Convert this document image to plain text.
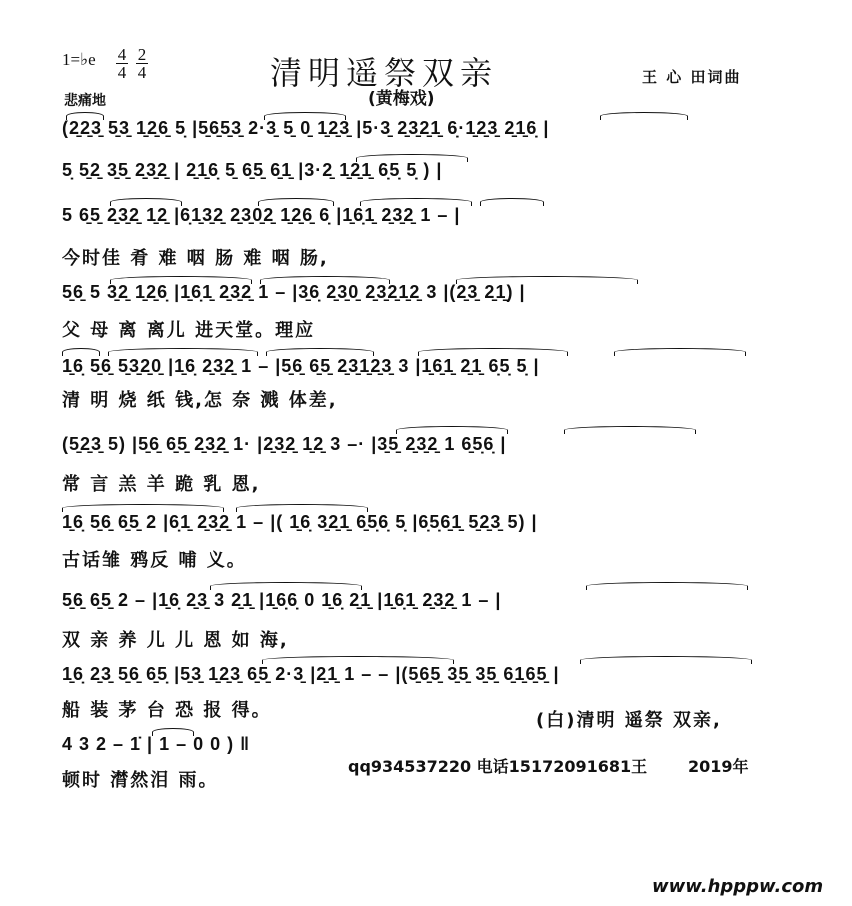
1=♭e $\frac{4}{4} \frac{2}{4}$
悲痛地
清明遥祭双亲
(黄梅戏)
王 心 田词曲
(2̱2̱3̱ 5̱3̱ 1̱2̱6̱ 5̣ |5̱6̱5̱3̱ 2·3̱ 5̱ 0̱ 1̱2̱3̱ |5·3̱ 2̱3̱2̱1̱ 6̣·1̱2̱3̱ 2̱1̱6̣ |
5̣ 5̱2̱ 3̱5̱ 2̱3̱2̱ | 2̱1̱6̣ 5̱ 6̱5̱ 6̱1̱ |3·2̱ 1̱2̱1̱ 6̣5̣ 5̣ ) |
5 6̱5̱ 2̱3̱2̱ 1̱2̱ |6̣1̱3̱2̱ 2̱3̱0̱2̱ 1̱2̱6̱ 6̣ |1̱6̣1̱ 2̱3̱2̱ 1 – |
今时佳 肴 难 咽 肠 难 咽 肠,
5̱6̱ 5 3̱2̱ 1̱2̱6̣ |1̱6̣1̱ 2̱3̱2̱ 1 – |3̱6̣ 2̱3̱0̱ 2̱3̱2̱1̱2̱ 3 |(2̱3̱ 2̱1̱) |
父 母 离 离儿 进天堂。理应
1̱6̣ 5̱6̱ 5̱3̱2̱0̱ |1̱6̣ 2̱3̱2̱ 1 – |5̱6̱ 6̱5̱ 2̱3̱1̱2̱3̱ 3 |1̱6̱1̱ 2̱1̱ 6̣5̣ 5̣ |
清 明 烧 纸 钱,怎 奈 溅 体差,
(5̱2̱3̱ 5) |5̱6̱ 6̱5̱ 2̱3̱2̱ 1· |2̱3̱2̱ 1̱2̱ 3 –· |3̱5̱ 2̱3̱2̱ 1 6̱5̣6̣ |
常 言 羔 羊 跪 乳 恩,
1̱6̣ 5̱6̱ 6̱5̱ 2 |6̣1̱ 2̱3̱2̱ 1 – |( 1̱6̣ 3̱2̱1̱ 6̱5̣6̣ 5̣ |6̣5̣6̱1̱ 5̱2̱3̱ 5) |
古话雏 鸦反 哺 义。
5̱6̱ 6̱5̱ 2 – |1̱6̣ 2̱3̱ 3 2̱1̱ |1̱6̣6̣ 0 1̱6̣ 2̱1̱ |1̱6̣1̱ 2̱3̱2̱ 1 – |
双 亲 养 儿 儿 恩 如 海,
1̱6̣ 2̱3̱ 5̱6̱ 6̱5̣ |5̱3̱ 1̱2̱3̱ 6̱5̱ 2·3̱ |2̱1̱ 1 – – |(5̱6̱5̱ 3̱5̱ 3̱5̱ 6̱1̱6̱5̱ |
船 装 茅 台 恐 报 得。	(白)清明 遥祭 双亲,
4 3 2 – 1̇ | 1 – 0 0 ) ‖
顿时 潸然泪 雨。
qq934537220 电话15172091681王	2019年
www.hpppw.com
